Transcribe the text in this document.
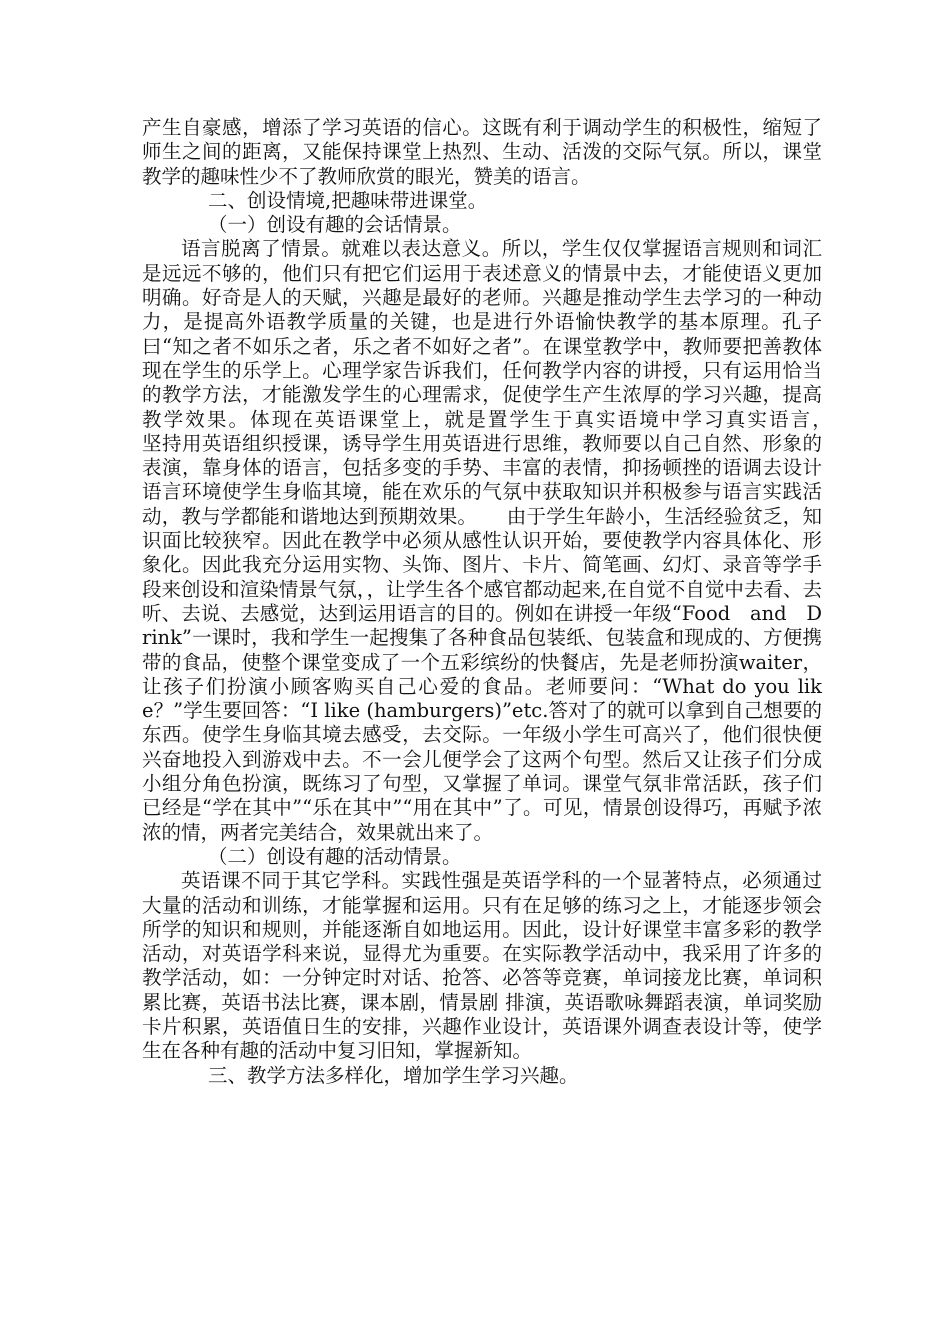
产生自豪感，增添了学习英语的信心。这既有利于调动学生的积极性，缩短了师生之间的距离，又能保持课堂上热烈、生动、活泼的交际气氛。所以，课堂教学的趣味性少不了教师欣赏的眼光，赞美的语言。

二、创设情境,把趣味带进课堂。

（一）创设有趣的会话情景。

语言脱离了情景。就难以表达意义。所以，学生仅仅掌握语言规则和词汇是远远不够的，他们只有把它们运用于表述意义的情景中去，才能使语义更加明确。好奇是人的天赋，兴趣是最好的老师。兴趣是推动学生去学习的一种动力，是提高外语教学质量的关键，也是进行外语愉快教学的基本原理。孔子曰“知之者不如乐之者，乐之者不如好之者”。在课堂教学中，教师要把善教体现在学生的乐学上。心理学家告诉我们，任何教学内容的讲授，只有运用恰当的教学方法，才能激发学生的心理需求，促使学生产生浓厚的学习兴趣，提高教学效果。体现在英语课堂上，就是置学生于真实语境中学习真实语言，　　　坚持用英语组织授课，诱导学生用英语进行思维，教师要以自己自然、形象的表演，靠身体的语言，包括多变的手势、丰富的表情，抑扬顿挫的语调去设计语言环境使学生身临其境，能在欢乐的气氛中获取知识并积极参与语言实践活动，教与学都能和谐地达到预期效果。　　由于学生年龄小，生活经验贫乏，知识面比较狭窄。因此在教学中必须从感性认识开始，要使教学内容具体化、形象化。因此我充分运用实物、头饰、图片、卡片、简笔画、幻灯、录音等学手段来创设和渲染情景气氛，，让学生各个感官都动起来,在自觉不自觉中去看、去听、去说、去感觉，达到运用语言的目的。例如在讲授一年级“Food　and　Drink”一课时，我和学生一起搜集了各种食品包装纸、包装盒和现成的、方便携带的食品，使整个课堂变成了一个五彩缤纷的快餐店，先是老师扮演waiter，让孩子们扮演小顾客购买自己心爱的食品。老师要问：“What do you like？”学生要回答：“I like (hamburgers)”etc.答对了的就可以拿到自己想要的东西。使学生身临其境去感受，去交际。一年级小学生可高兴了，他们很快便兴奋地投入到游戏中去。不一会儿便学会了这两个句型。然后又让孩子们分成小组分角色扮演，既练习了句型，又掌握了单词。课堂气氛非常活跃，孩子们已经是“学在其中”“乐在其中”“用在其中”了。可见，情景创设得巧，再赋予浓浓的情，两者完美结合，效果就出来了。

（二）创设有趣的活动情景。

英语课不同于其它学科。实践性强是英语学科的一个显著特点，必须通过大量的活动和训练，才能掌握和运用。只有在足够的练习之上，才能逐步领会所学的知识和规则，并能逐渐自如地运用。因此，设计好课堂丰富多彩的教学活动，对英语学科来说，显得尤为重要。在实际教学活动中，我采用了许多的教学活动，如：一分钟定时对话、抢答、必答等竞赛，单词接龙比赛，单词积累比赛，英语书法比赛，课本剧，情景剧 排演，英语歌咏舞蹈表演，单词奖励卡片积累，英语值日生的安排，兴趣作业设计，英语课外调查表设计等，使学生在各种有趣的活动中复习旧知，掌握新知。

三、教学方法多样化，增加学生学习兴趣。
